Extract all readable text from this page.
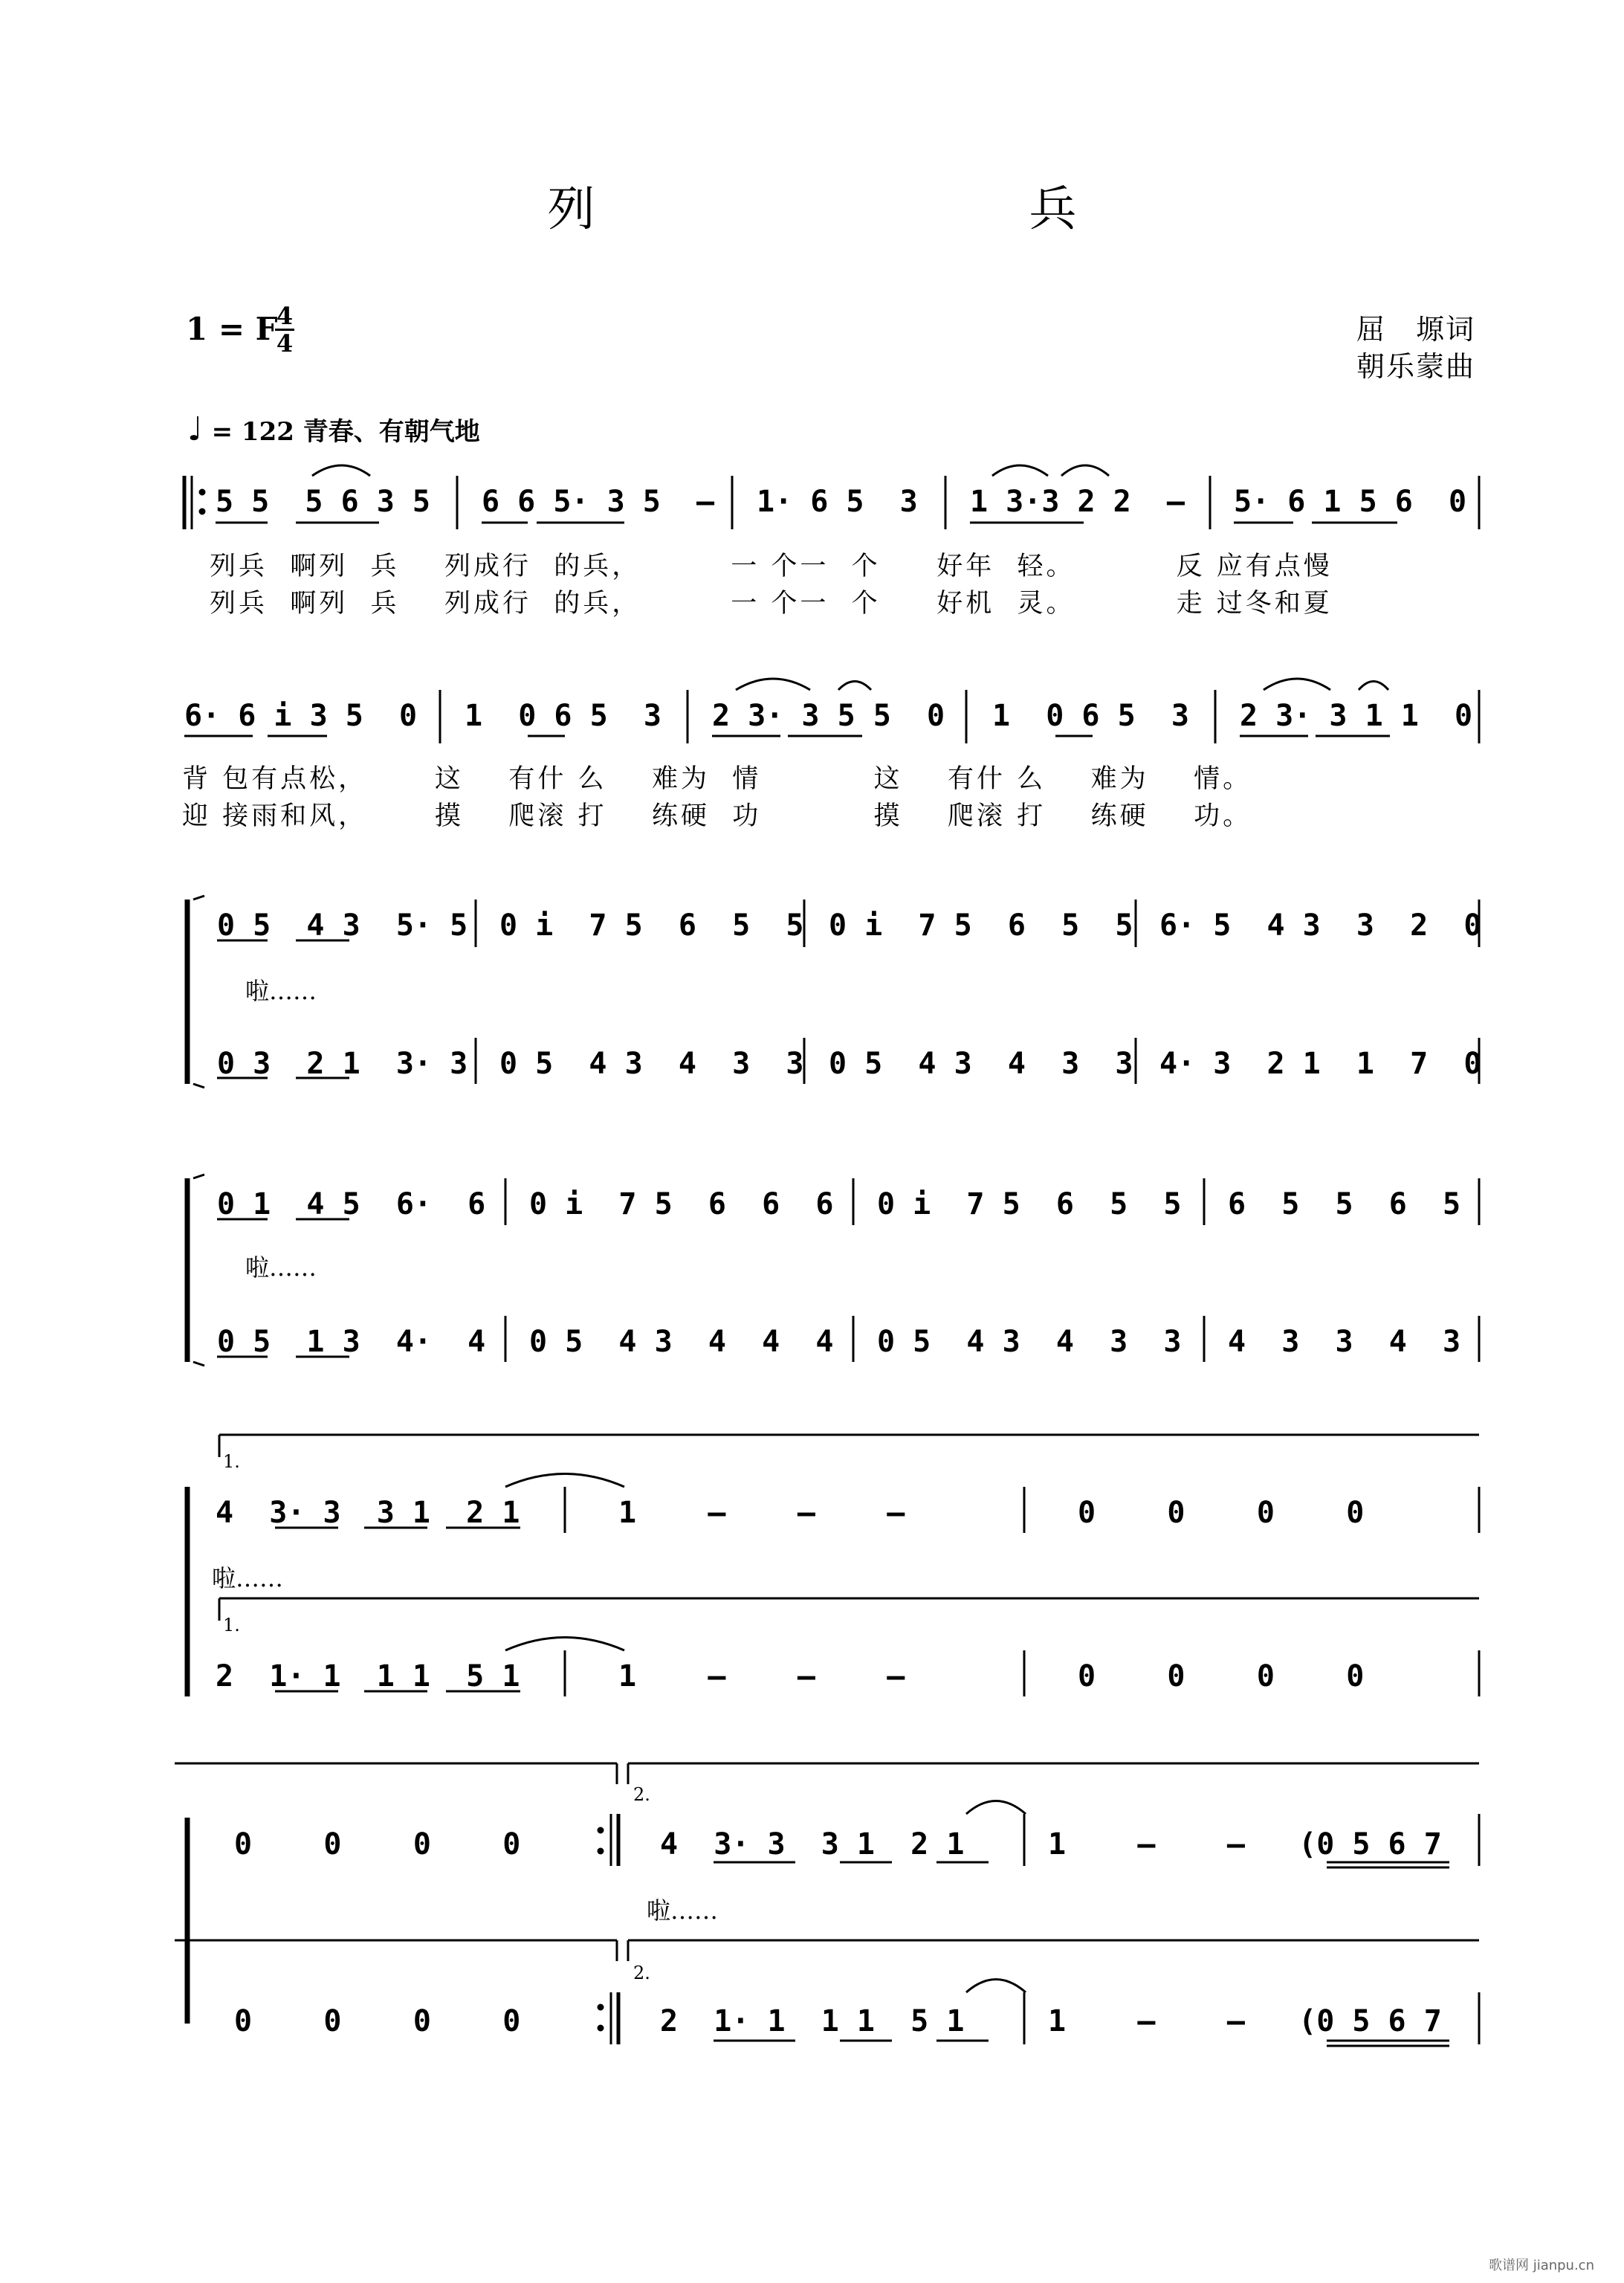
列　兵
1 = F
4
4	屈　塬词
朝乐蒙曲
♩ = 122 青春、有朝气地
5 5  5 6 3 5 6 6 5· 3 5  – 1· 6 5  3 1 3·3 2 2  – 5· 6 1 5 6  0
列兵  啊列  兵    列成行  的兵，        一 个一  个     好年  轻。         反 应有点慢
列兵  啊列  兵    列成行  的兵，        一 个一  个     好机  灵。         走 过冬和夏
6· 6 i 3 5  0 1  0 6 5  3 2 3· 3 5 5  0 1  0 6 5  3 2 3· 3 1 1  0
背 包有点松，      这    有什 么    难为  情          这    有什 么    难为    情。
迎 接雨和风，      摸    爬滚 打    练硬  功          摸    爬滚 打    练硬    功。
0 5  4 3  5· 5 0 i  7 5  6  5  5 0 i  7 5  6  5  5 6· 5  4 3  3  2  0
啦……
0 3  2 1  3· 3 0 5  4 3  4  3  3 0 5  4 3  4  3  3 4· 3  2 1  1  7  0
0 1  4 5  6·  6 0 i  7 5  6  6  6 0 i  7 5  6  5  5 6  5  5  6  5
啦……
0 5  1 3  4·  4 0 5  4 3  4  4  4 0 5  4 3  4  3  3 4  3  3  4  3
1.
4  3· 3  3 1  2 1	1    –    –    –	0    0    0    0
啦……
1.
2  1· 1  1 1  5 1	1    –    –    –	0    0    0    0
0    0    0    0
2.
4  3· 3  3 1  2 1	1    –    –   (0 5 6 7
啦……
0    0    0    0
2.
2  1· 1  1 1  5 1	1    –    –   (0 5 6 7
歌谱网 jianpu.cn
